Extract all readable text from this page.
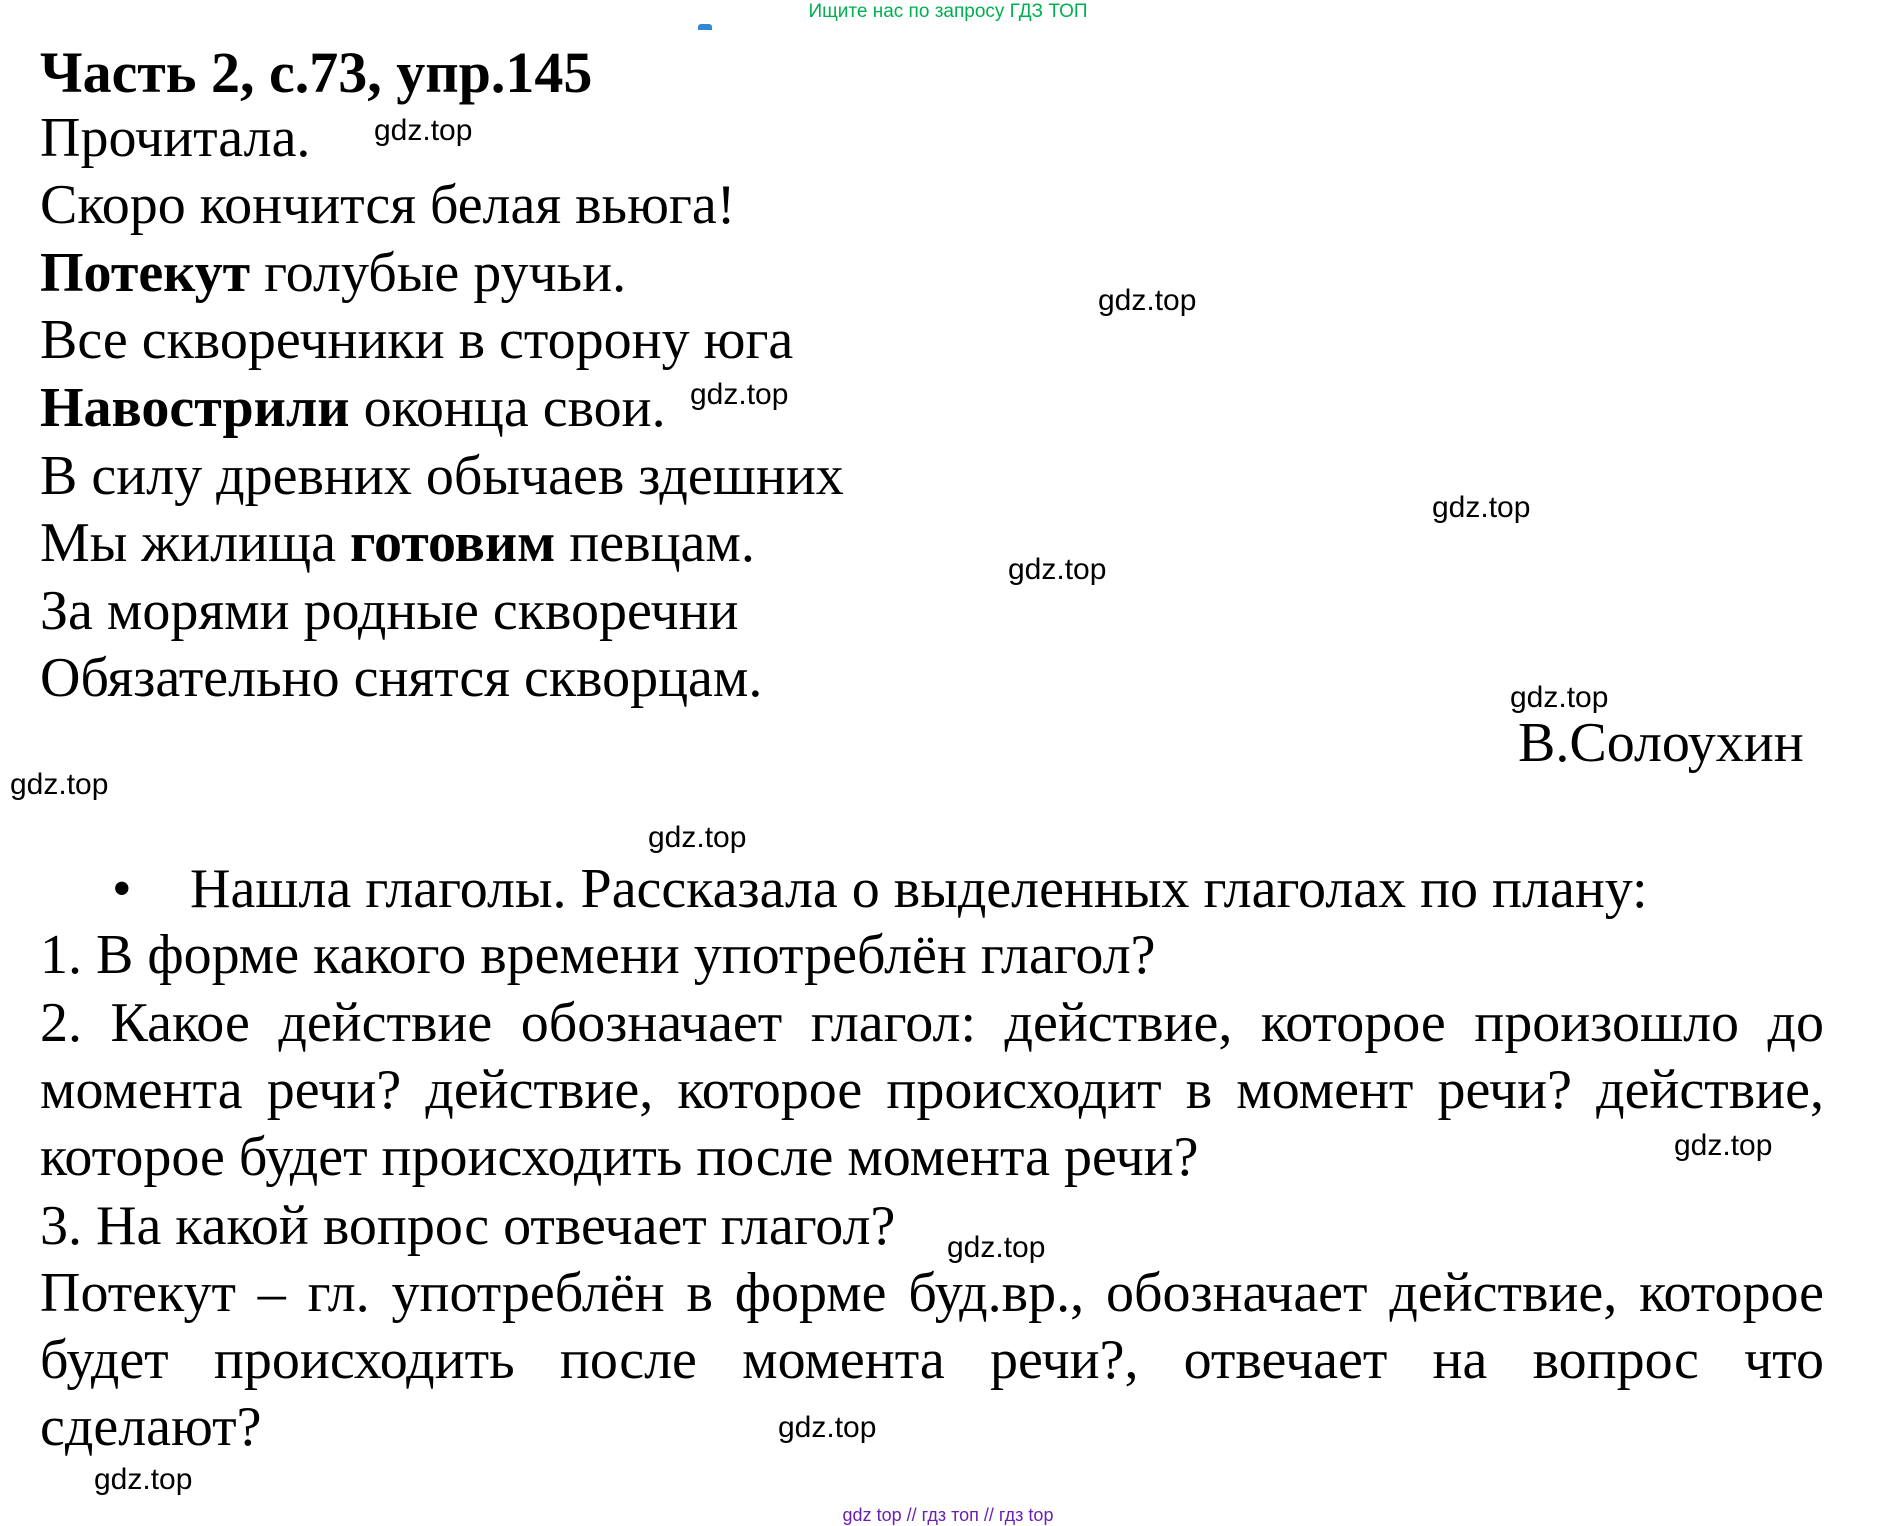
Ищите нас по запросу ГДЗ ТОП
Часть 2, с.73, упр.145
Прочитала.
Скоро кончится белая вьюга!
Потекут голубые ручьи.
Все скворечники в сторону юга
Навострили оконца свои.
В силу древних обычаев здешних
Мы жилища готовим певцам.
За морями родные скворечни
Обязательно снятся скворцам.
В.Солоухин
• Нашла глаголы. Рассказала о выделенных глаголах по плану:
1. В форме какого времени употреблён глагол?
2. Какое действие обозначает глагол: действие, которое произошло до
момента речи? действие, которое происходит в момент речи? действие,
которое будет происходить после момента речи?
3. На какой вопрос отвечает глагол?
Потекут – гл. употреблён в форме буд.вр., обозначает действие, которое
будет происходить после момента речи?, отвечает на вопрос что
сделают?
gdz.top
gdz.top
gdz.top
gdz.top
gdz.top
gdz.top
gdz.top
gdz.top
gdz.top
gdz.top
gdz.top
gdz.top
gdz top // гдз топ // гдз top
